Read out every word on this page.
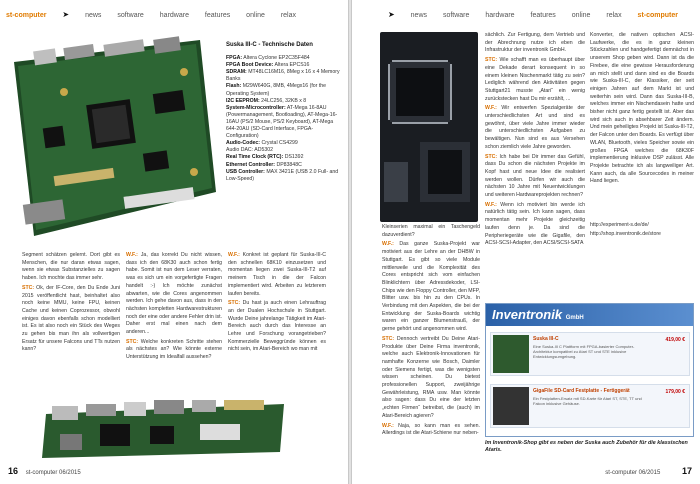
st-computer ➤ news software hardware features online relax
Suska III-C - Technische Daten
FPGA: Altera Cyclone EP2C35F484
FPGA Boot Device: Altera EPCS16
SDRAM: MT48LC16M16, 8Meg x 16 x 4 Memory Banks
Flash: M29W640G, 8MB, 4Megx16 (for the Operating System)
I2C EEPROM: 24LC256, 32KB x 8
System-Microcontroller: AT-Mega 16-8AU (Powermanagement, Bootloading), AT-Mega-16-16AU (PS/2 Mouse, PS/2 Keyboard), AT-Mega 644-20AU (SD-Card Interface, FPGA-Configuration)
Audio-Codec: Crystal CS4299
Audio DAC: AD5302
Real Time Clock (RTC): DS1392
Ethernet Controller: DP83848C
USB Controller: MAX 3421E (USB 2.0 Full- and Low-Speed)

Segment schätzen gelernt. Dort gibt es Menschen, die nur daran etwas sagen, wenn sie etwas Substanzielles zu sagen haben. Ich mochte das immer sehr.

STC: Ok, der IF-Core, den Du Ende Juni 2015 veröffentlicht hast, beinhaltet also noch keine MMU, keine FPU, keinen Cache und keinen Coprozessor, obwohl einiges davon ebenfalls schon modelliert ist. Es ist also noch ein Stück des Weges zu gehen bis man ihn als vollwertigen Ersatz für unsere Falcons und TTs nutzen kann?

W.F.: Ja, das korrekt Du nicht wissen, dass ich den 68K30 auch schon fertig habe. Somit ist nun dem Leser verraten, was es sich um ein vorgefertigte Fragen handelt :-) Ich möchte zunächst abwarten, wie die Cores angenommen werden. Ich gehe davon aus, dass in den nächsten kompletten Hardwarestrukturen noch der eine oder andere Fehler drin ist. Daher erst mal einen nach dem anderen...

STC: Welche konkreten Schritte stehen als nächstes an? Wie könnte externe Unterstützung im Idealfall aussehen?

W.F.: Konkret ist geplant für Suska-III-C den schnellen 68K10 einzusetzen und momentan liegen zwei Suska-III-T2 auf meinem Tisch in die der Falcon implementiert wird. Arbeiten zu letzterem laufen bereits.

STC: Du hast ja auch einen Lehrauftrag an der Dualen Hochschule in Stuttgart. Wurde Deine jahrelange Tätigkeit im Atari-Bereich auch durch das Interesse an Lehre und Forschung vorangetrieben? Kommerzielle Beweggründe können es nicht sein, im Atari-Bereich wo man mit

16 st-computer 06/2015
➤ news software hardware features online relax st-computer

Kleinserien maximal ein Taschengeld dazuverdient?

W.F.: Das ganze Suska-Projekt war motiviert aus der Lehre an der DHBW in Stuttgart. Es gibt so viele Module mittlerweile und die Komplexität des Cores entspricht sich vom einfachen Blinklichtern über Adressdekoder, LSI-Chips wie den Floppy Controller, den MFP, Blitter usw. bis hin zu den CPUs. In Verbindung mit den Aspekten, die bei der Entwicklung der Suska-Boards wichtig waren ein ganzer Blumenstrauß, der gerne gehört und angenommen wird.

STC: Dennoch vertreibt Du Deine Atari-Produkte über Deine Firma inventronik, welche auch Elektronik-Innovationen für namhafte Konzerne wie Bosch, Daimler oder Siemens fertigt, was die wenigsten wissen scheinen. Du bietest professionellen Support, zweijährige Gewährleistung, RMA usw. Man könnte also sagen: dass Du eine der letzten „echten Firmen“ betreibst, die (auch) im Atari-Bereich agieren?

W.F.: Naja, so kann man es sehen. Allerdings ist die Atari-Schiene nur neben-

sächlich. Zur Fertigung, dem Vertrieb und der Abrechnung nutze ich eben die Infrastruktur der inventronik GmbH.

STC: Wie schafft man es überhaupt über eine Dekade derart konsequent in so einem kleinen Nischenmarkt tätig zu sein? Lediglich während den Aktivitäten gegen Stuttgart21 musste „Atari“ ein wenig zurückstecken hast Du mir erzählt, ...

W.F.: Wir entwerfen Spezialgeräte der unterschiedlichsten Art und sind es gewöhnt, über viele Jahre immer wieder die unterschiedlichsten Aufgaben zu bewältigen. Nun sind es aus Versehen schon ziemlich viele Jahre geworden.

STC: Ich habe bei Dir immer das Gefühl, dass Du schon die nächsten Projekte im Kopf hast und neue Idee die realisiert werden wollen. Dürfen wir auch die nächsten 10 Jahre mit Neuentwicklungen und weiteren Hardwareprojekten rechnen?

W.F.: Wenn ich motiviert bin werde ich natürlich tätig sein. Ich kann sagen, dass momentan mehr Projekte gleichzeitig laufen denn je. Da sind die Peripheriegeräte wie die Gigafile, den ACSI-SCSI-Adapter, den ACSI/SCSI-SATA

Konverter, die nativen optischen ACSI-Laufwerke, die es in ganz kleinen Stückzahlen und handgefertigt demnächst in unserem Shop geben wird. Dann ist da die Firebee, die eine gewisse Herausforderung an mich stellt und dann sind es die Boards wie Suska-III-C, der Klassiker, der seit einigen Jahren auf dem Markt ist und weiterhin sein wird. Dann das Suska-III-B, welches immer ein Nischendasein hatte und bisher nicht ganz fertig gestellt ist. Aber das wird sich auch in absehbarer Zeit ändern. Und mein geheiligtes Projekt ist Suska-III-T2, der Falcon unter den Boards. Es verfügt über WLAN, Bluetooth, vieles Speicher sowie ein großes FPGA welches die 68K30F implementierung inklusive DSP zulässt. Alle Projekte betrachte ich als langweiliger Art. Kann auch, da alle Sourcecodes in meiner Hand liegen.

http://experiment-s.de/de/
http://shop.inventronik.de/store
Inventronik GmbH
Suska III-C
Eine Suska-III C Plattform mit FPGA-basierter Computer-Architektur kompatibel zu Atari ST und STE inklusive Entwicklungsumgebung.
419,00 €
GigaFile SD-Card Festplatte - Fertiggerät
Ein Festplatten-Ersatz mit SD-Karte für Atari ST, STE, TT und Falcon inklusive Gehäuse.
179,00 €
Im Inventronik-Shop gibt es neben der Suska auch Zubehör für die klassischen Ataris.
st-computer 06/2015 17
